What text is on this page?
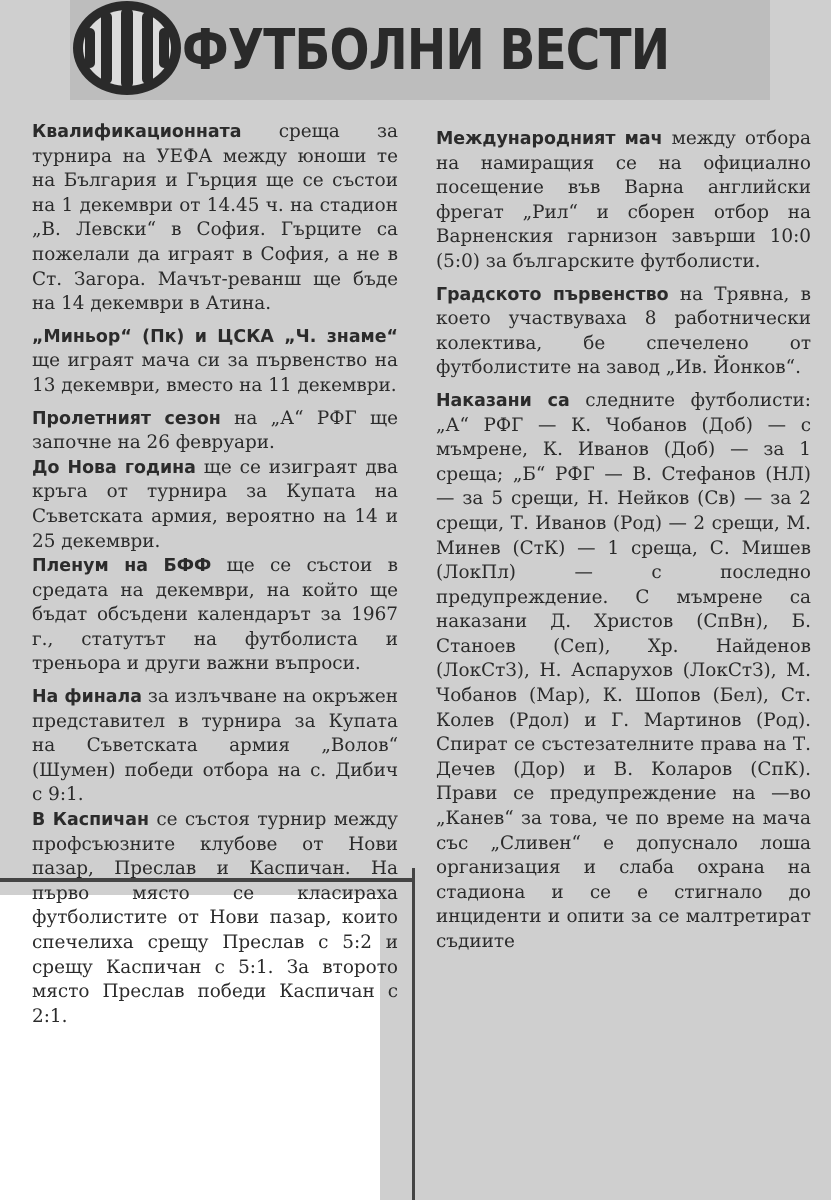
ФУТБОЛНИ ВЕСТИ

Квалификационната среща за турнира на УЕФА между юноши те на България и Гърция ще се състои на 1 декември от 14.45 ч. на стадион „В. Левски“ в София. Гърците са пожелали да играят в София, а не в Ст. Загора. Мачът-реванш ще бъде на 14 декември в Атина.

„Миньор“ (Пк) и ЦСКА „Ч. знаме“ ще играят мача си за първенство на 13 декември, вместо на 11 декември.

Пролетният сезон на „А“ РФГ ще започне на 26 февруари.

До Нова година ще се изиграят два кръга от турнира за Купата на Съветската армия, вероятно на 14 и 25 декември.

Пленум на БФФ ще се състои в средата на декември, на който ще бъдат обсъдени календарът за 1967 г., статутът на футболиста и треньора и други важни въпроси.

На финала за излъчване на окръжен представител в турнира за Купата на Съветската армия „Волов“ (Шумен) победи отбора на с. Дибич с 9:1.

В Каспичан се състоя турнир между профсъюзните клубове от Нови пазар, Преслав и Каспичан. На първо място се класираха футболистите от Нови пазар, които спечелиха срещу Преслав с 5:2 и срещу Каспичан с 5:1. За второто място Преслав победи Каспичан с 2:1.

Международният мач между отбора на намиращия се на официално посещение във Варна английски фрегат „Рил“ и сборен отбор на Варненския гарнизон завърши 10:0 (5:0) за българските футболисти.

Градското първенство на Трявна, в което участвуваха 8 работнически колектива, бе спечелено от футболистите на завод „Ив. Йонков“.

Наказани са следните футболисти: „А“ РФГ — К. Чобанов (Доб) — с мъмрене, К. Иванов (Доб) — за 1 среща; „Б“ РФГ — В. Стефанов (НЛ) — за 5 срещи, Н. Нейков (Св) — за 2 срещи, Т. Иванов (Род) — 2 срещи, М. Минев (СтК) — 1 среща, С. Мишев (ЛокПл) — с последно предупреждение. С мъмрене са наказани Д. Христов (СпВн), Б. Станоев (Сеп), Хр. Найденов (ЛокСтЗ), Н. Аспарухов (ЛокСтЗ), М. Чобанов (Мар), К. Шопов (Бел), Ст. Колев (Рдол) и Г. Мартинов (Род). Спират се състезателните права на Т. Дечев (Дор) и В. Коларов (СпК). Прави се предупреждение на —во „Канев“ за това, че по време на мача със „Сливен“ е допуснало лоша организация и слаба охрана на стадиона и се е стигнало до инциденти и опити за се малтретират съдиите
